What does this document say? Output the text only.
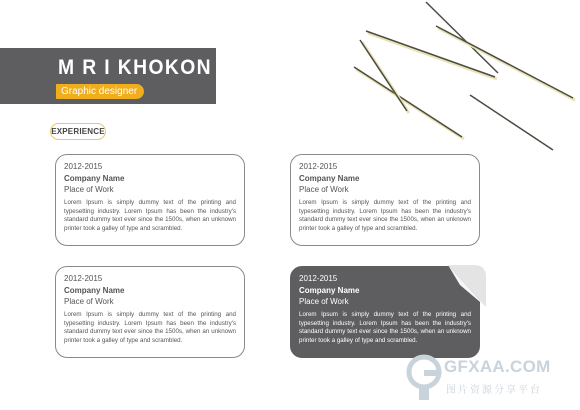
M R I KHOKON
Graphic designer
EXPERIENCE
2012-2015
Company Name
Place of Work
Lorem Ipsum is simply dummy text of the printing and typesetting industry. Lorem Ipsum has been the industry's standard dummy text ever since the 1500s, when an unknown printer took a galley of type and scrambled.
2012-2015
Company Name
Place of Work
Lorem Ipsum is simply dummy text of the printing and typesetting industry. Lorem Ipsum has been the industry's standard dummy text ever since the 1500s, when an unknown printer took a galley of type and scrambled.
2012-2015
Company Name
Place of Work
Lorem Ipsum is simply dummy text of the printing and typesetting industry. Lorem Ipsum has been the industry's standard dummy text ever since the 1500s, when an unknown printer took a galley of type and scrambled.
2012-2015
Company Name
Place of Work
Lorem Ipsum is simply dummy text of the printing and typesetting industry. Lorem Ipsum has been the industry's standard dummy text ever since the 1500s, when an unknown printer took a galley of type and scrambled.
GFXAA.COM
图片资源分享平台
